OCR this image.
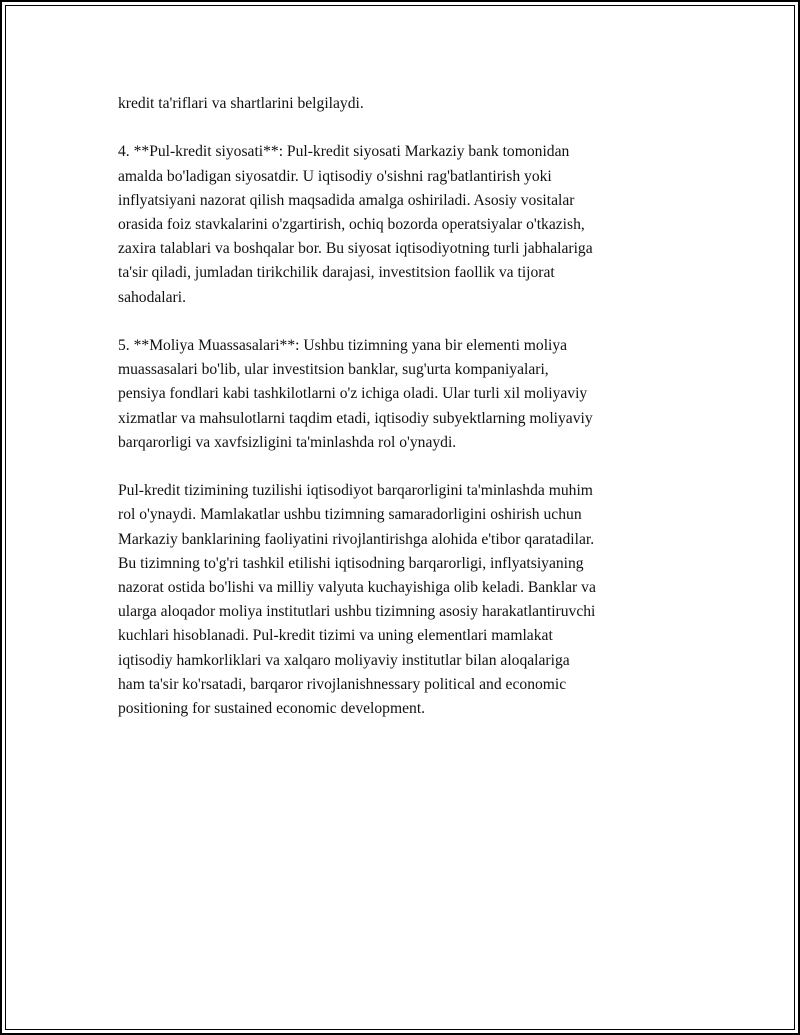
kredit ta'riflari va shartlarini belgilaydi.

4. **Pul-kredit siyosati**: Pul-kredit siyosati Markaziy bank tomonidan
amalda bo'ladigan siyosatdir. U iqtisodiy o'sishni rag'batlantirish yoki
inflyatsiyani nazorat qilish maqsadida amalga oshiriladi. Asosiy vositalar
orasida foiz stavkalarini o'zgartirish, ochiq bozorda operatsiyalar o'tkazish,
zaxira talablari va boshqalar bor. Bu siyosat iqtisodiyotning turli jabhalariga
ta'sir qiladi, jumladan tirikchilik darajasi, investitsion faollik va tijorat
sahodalari.

5. **Moliya Muassasalari**: Ushbu tizimning yana bir elementi moliya
muassasalari bo'lib, ular investitsion banklar, sug'urta kompaniyalari,
pensiya fondlari kabi tashkilotlarni o'z ichiga oladi. Ular turli xil moliyaviy
xizmatlar va mahsulotlarni taqdim etadi, iqtisodiy subyektlarning moliyaviy
barqarorligi va xavfsizligini ta'minlashda rol o'ynaydi.

Pul-kredit tizimining tuzilishi iqtisodiyot barqarorligini ta'minlashda muhim
rol o'ynaydi. Mamlakatlar ushbu tizimning samaradorligini oshirish uchun
Markaziy banklarining faoliyatini rivojlantirishga alohida e'tibor qaratadilar.
Bu tizimning to'g'ri tashkil etilishi iqtisodning barqarorligi, inflyatsiyaning
nazorat ostida bo'lishi va milliy valyuta kuchayishiga olib keladi. Banklar va
ularga aloqador moliya institutlari ushbu tizimning asosiy harakatlantiruvchi
kuchlari hisoblanadi. Pul-kredit tizimi va uning elementlari mamlakat
iqtisodiy hamkorliklari va xalqaro moliyaviy institutlar bilan aloqalariga
ham ta'sir ko'rsatadi, barqaror rivojlanishnessary political and economic
positioning for sustained economic development.
